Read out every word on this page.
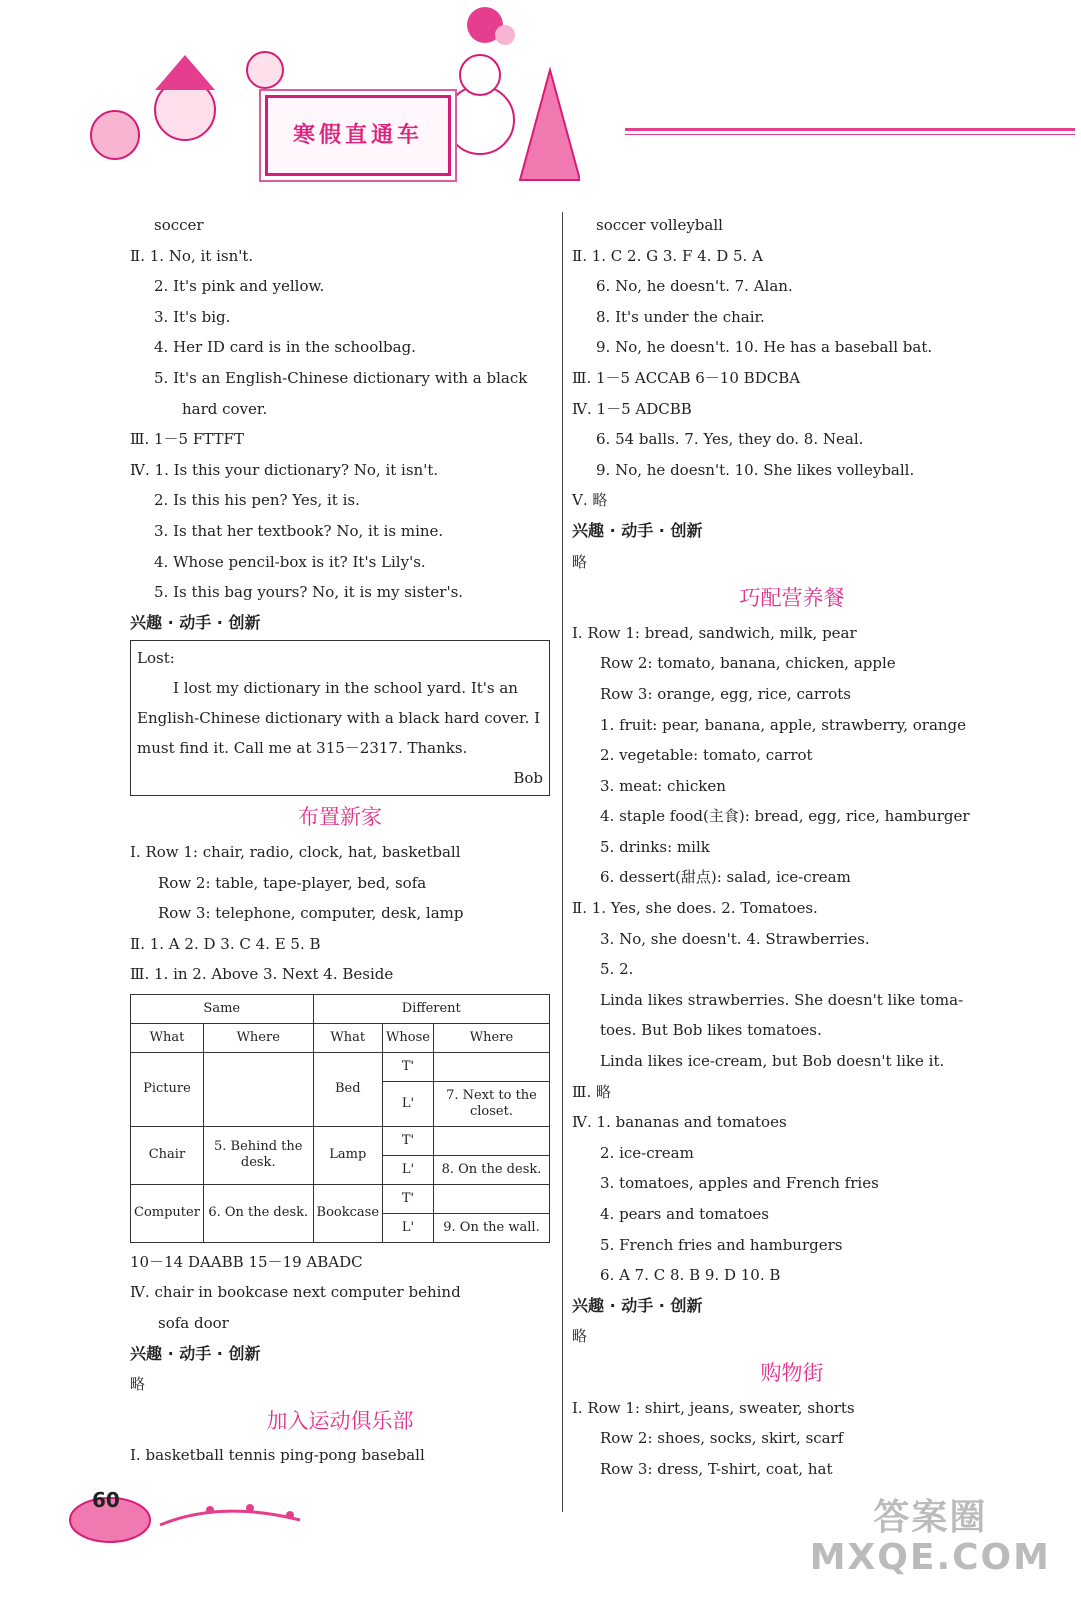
寒假直通车
soccer
Ⅱ. 1. No, it isn't.
2. It's pink and yellow.
3. It's big.
4. Her ID card is in the schoolbag.
5. It's an English-Chinese dictionary with a black
hard cover.
Ⅲ. 1－5 FTTFT
Ⅳ. 1. Is this your dictionary? No, it isn't.
2. Is this his pen? Yes, it is.
3. Is that her textbook? No, it is mine.
4. Whose pencil-box is it? It's Lily's.
5. Is this bag yours? No, it is my sister's.
兴趣 · 动手 · 创新
Lost:
I lost my dictionary in the school yard. It's an
English-Chinese dictionary with a black hard cover. I
must find it. Call me at 315－2317. Thanks.
Bob
布置新家
Ⅰ. Row 1: chair, radio, clock, hat, basketball
Row 2: table, tape-player, bed, sofa
Row 3: telephone, computer, desk, lamp
Ⅱ. 1. A 2. D 3. C 4. E 5. B
Ⅲ. 1. in 2. Above 3. Next 4. Beside
Same		Different		
What	Where	What	Whose	Where
Picture		Bed	T'	
			L'	7. Next to the closet.
Chair	5. Behind the desk.	Lamp	T'	
			L'	8. On the desk.
Computer	6. On the desk.	Bookcase	T'	
			L'	9. On the wall.
10－14 DAABB 15－19 ABADC
Ⅳ. chair in bookcase next computer behind
sofa door
兴趣 · 动手 · 创新
略
加入运动俱乐部
Ⅰ. basketball tennis ping-pong baseball
soccer volleyball
Ⅱ. 1. C 2. G 3. F 4. D 5. A
6. No, he doesn't. 7. Alan.
8. It's under the chair.
9. No, he doesn't. 10. He has a baseball bat.
Ⅲ. 1－5 ACCAB 6－10 BDCBA
Ⅳ. 1－5 ADCBB
6. 54 balls. 7. Yes, they do. 8. Neal.
9. No, he doesn't. 10. She likes volleyball.
Ⅴ. 略
兴趣 · 动手 · 创新
略
巧配营养餐
Ⅰ. Row 1: bread, sandwich, milk, pear
Row 2: tomato, banana, chicken, apple
Row 3: orange, egg, rice, carrots
1. fruit: pear, banana, apple, strawberry, orange
2. vegetable: tomato, carrot
3. meat: chicken
4. staple food(主食): bread, egg, rice, hamburger
5. drinks: milk
6. dessert(甜点): salad, ice-cream
Ⅱ. 1. Yes, she does. 2. Tomatoes.
3. No, she doesn't. 4. Strawberries.
5. 2.
Linda likes strawberries. She doesn't like toma-
toes. But Bob likes tomatoes.
Linda likes ice-cream, but Bob doesn't like it.
Ⅲ. 略
Ⅳ. 1. bananas and tomatoes
2. ice-cream
3. tomatoes, apples and French fries
4. pears and tomatoes
5. French fries and hamburgers
6. A 7. C 8. B 9. D 10. B
兴趣 · 动手 · 创新
略
购物街
Ⅰ. Row 1: shirt, jeans, sweater, shorts
Row 2: shoes, socks, skirt, scarf
Row 3: dress, T-shirt, coat, hat
60	答案圈
MXQE.COM
